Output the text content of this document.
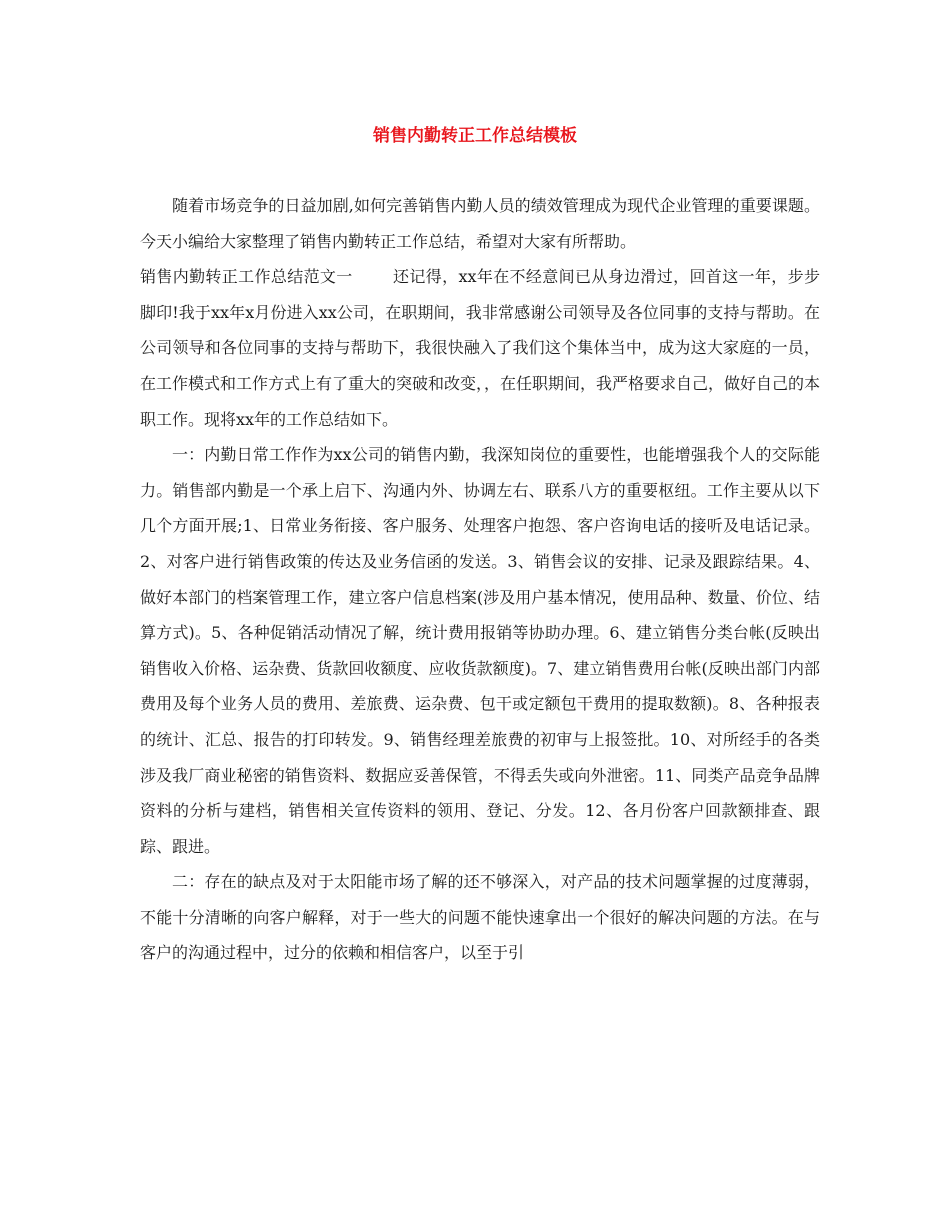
销售内勤转正工作总结模板

随着市场竞争的日益加剧,如何完善销售内勤人员的绩效管理成为现代企业管理的重要课题。今天小编给大家整理了销售内勤转正工作总结，希望对大家有所帮助。

销售内勤转正工作总结范文一	还记得，xx年在不经意间已从身边滑过，回首这一年，步步脚印!我于xx年x月份进入xx公司，在职期间，我非常感谢公司领导及各位同事的支持与帮助。在公司领导和各位同事的支持与帮助下，我很快融入了我们这个集体当中，成为这大家庭的一员，在工作模式和工作方式上有了重大的突破和改变，，在任职期间，我严格要求自己，做好自己的本职工作。现将xx年的工作总结如下。

一：内勤日常工作作为xx公司的销售内勤，我深知岗位的重要性，也能增强我个人的交际能力。销售部内勤是一个承上启下、沟通内外、协调左右、联系八方的重要枢纽。工作主要从以下几个方面开展;1、日常业务衔接、客户服务、处理客户抱怨、客户咨询电话的接听及电话记录。2、对客户进行销售政策的传达及业务信函的发送。3、销售会议的安排、记录及跟踪结果。4、做好本部门的档案管理工作，建立客户信息档案(涉及用户基本情况，使用品种、数量、价位、结算方式)。5、各种促销活动情况了解，统计费用报销等协助办理。6、建立销售分类台帐(反映出销售收入价格、运杂费、货款回收额度、应收货款额度)。7、建立销售费用台帐(反映出部门内部费用及每个业务人员的费用、差旅费、运杂费、包干或定额包干费用的提取数额)。8、各种报表的统计、汇总、报告的打印转发。9、销售经理差旅费的初审与上报签批。10、对所经手的各类涉及我厂商业秘密的销售资料、数据应妥善保管，不得丢失或向外泄密。11、同类产品竞争品牌资料的分析与建档，销售相关宣传资料的领用、登记、分发。12、各月份客户回款额排查、跟踪、跟进。

二：存在的缺点及对于太阳能市场了解的还不够深入，对产品的技术问题掌握的过度薄弱，不能十分清晰的向客户解释，对于一些大的问题不能快速拿出一个很好的解决问题的方法。在与客户的沟通过程中，过分的依赖和相信客户，以至于引
